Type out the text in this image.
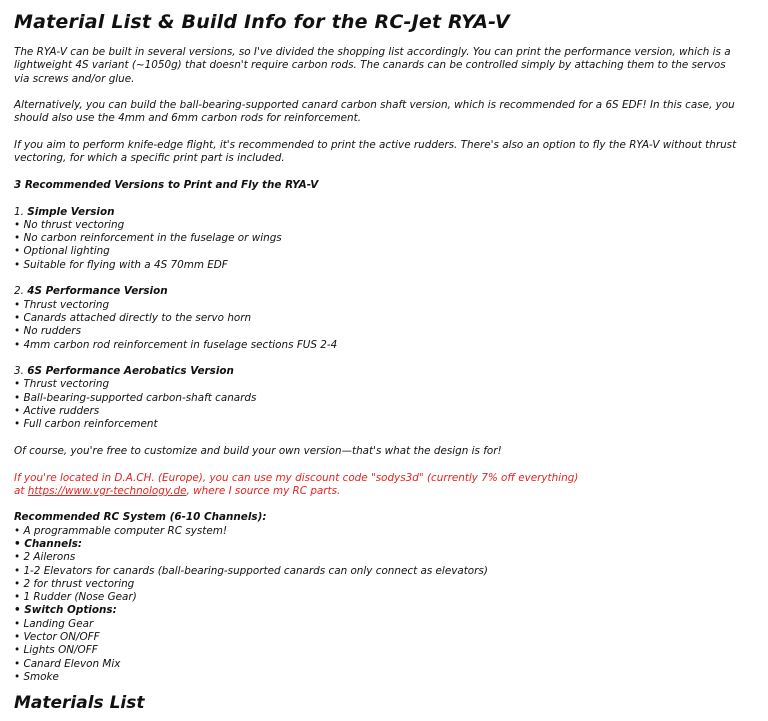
Material List & Build Info for the RC-Jet RYA-V

The RYA-V can be built in several versions, so I've divided the shopping list accordingly. You can print the performance version, which is a lightweight 4S variant (~1050g) that doesn't require carbon rods. The canards can be controlled simply by attaching them to the servos via screws and/or glue.

Alternatively, you can build the ball-bearing-supported canard carbon shaft version, which is recommended for a 6S EDF! In this case, you should also use the 4mm and 6mm carbon rods for reinforcement.

If you aim to perform knife-edge flight, it's recommended to print the active rudders. There's also an option to fly the RYA-V without thrust vectoring, for which a specific print part is included.

3 Recommended Versions to Print and Fly the RYA-V

1. Simple Version

• No thrust vectoring
• No carbon reinforcement in the fuselage or wings
• Optional lighting
• Suitable for flying with a 4S 70mm EDF

2. 4S Performance Version

• Thrust vectoring
• Canards attached directly to the servo horn
• No rudders
• 4mm carbon rod reinforcement in fuselage sections FUS 2-4

3. 6S Performance Aerobatics Version

• Thrust vectoring
• Ball-bearing-supported carbon-shaft canards
• Active rudders
• Full carbon reinforcement

Of course, you're free to customize and build your own version—that's what the design is for!

If you're located in D.A.CH. (Europe), you can use my discount code "sodys3d" (currently 7% off everything)

at https://www.vgr-technology.de, where I source my RC parts.

Recommended RC System (6-10 Channels):

• A programmable computer RC system!
• Channels:
• 2 Ailerons
• 1-2 Elevators for canards (ball-bearing-supported canards can only connect as elevators)
• 2 for thrust vectoring
• 1 Rudder (Nose Gear)
• Switch Options:
• Landing Gear
• Vector ON/OFF
• Lights ON/OFF
• Canard Elevon Mix
• Smoke

Materials List
